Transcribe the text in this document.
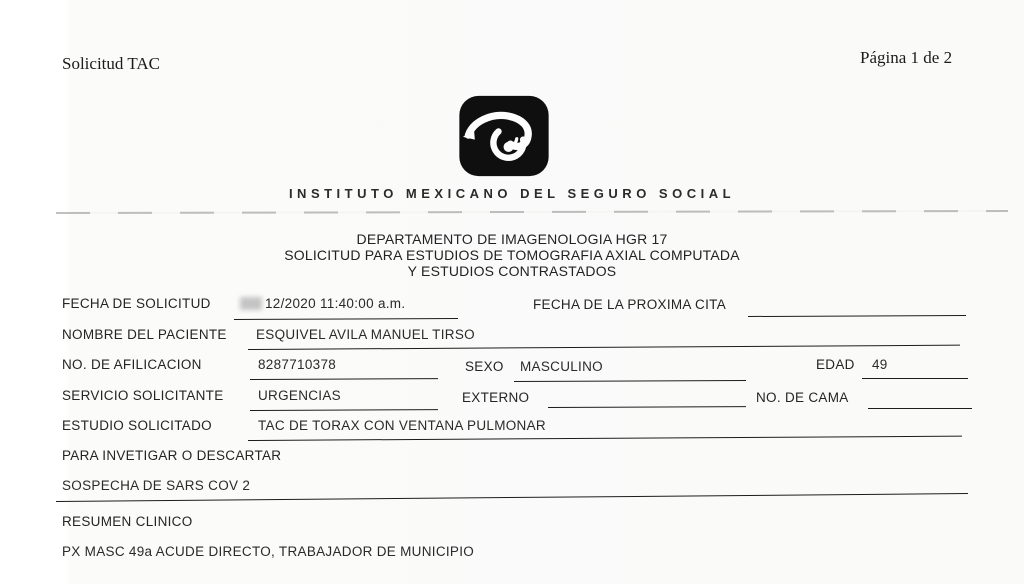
Solicitud TAC	Página 1 de 2
INSTITUTO MEXICANO DEL SEGURO SOCIAL
DEPARTAMENTO DE IMAGENOLOGIA HGR 17
SOLICITUD PARA ESTUDIOS DE TOMOGRAFIA AXIAL COMPUTADA
Y ESTUDIOS CONTRASTADOS
FECHA DE SOLICITUD	12/2020 11:40:00 a.m.	FECHA DE LA PROXIMA CITA
NOMBRE DEL PACIENTE ESQUIVEL AVILA MANUEL TIRSO
NO. DE AFILICACION	8287710378	SEXO MASCULINO	EDAD 49
SERVICIO SOLICITANTE	URGENCIAS	EXTERNO	NO. DE CAMA
ESTUDIO SOLICITADO	TAC DE TORAX CON VENTANA PULMONAR
PARA INVETIGAR O DESCARTAR
SOSPECHA DE SARS COV 2
RESUMEN CLINICO
PX MASC 49a ACUDE DIRECTO, TRABAJADOR DE MUNICIPIO
